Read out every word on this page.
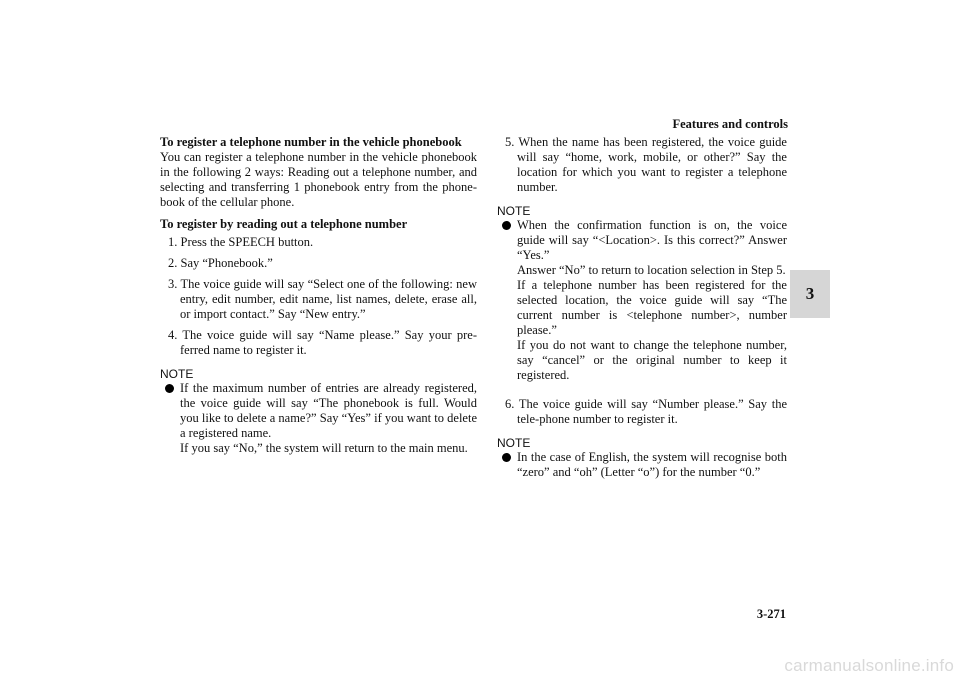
Features and controls
3

To register a telephone number in the vehicle phonebook

You can register a telephone number in the vehicle phonebook in the following 2 ways: Reading out a telephone number, and selecting and transferring 1 phonebook entry from the phone-book of the cellular phone.

To register by reading out a telephone number

1. Press the SPEECH button.

2. Say “Phonebook.”

3. The voice guide will say “Select one of the following: new entry, edit number, edit name, list names, delete, erase all, or import contact.” Say “New entry.”

4. The voice guide will say “Name please.” Say your pre-ferred name to register it.

NOTE

If the maximum number of entries are already registered, the voice guide will say “The phonebook is full. Would you like to delete a name?” Say “Yes” if you want to delete a registered name.

If you say “No,” the system will return to the main menu.

5. When the name has been registered, the voice guide will say “home, work, mobile, or other?” Say the location for which you want to register a telephone number.

NOTE

When the confirmation function is on, the voice guide will say “<Location>. Is this correct?” Answer “Yes.”

Answer “No” to return to location selection in Step 5.

If a telephone number has been registered for the selected location, the voice guide will say “The current number is <telephone number>, number please.”

If you do not want to change the telephone number, say “cancel” or the original number to keep it registered.

6. The voice guide will say “Number please.” Say the tele-phone number to register it.

NOTE

In the case of English, the system will recognise both “zero” and “oh” (Letter “o”) for the number “0.”

3-271
carmanualsonline.info
